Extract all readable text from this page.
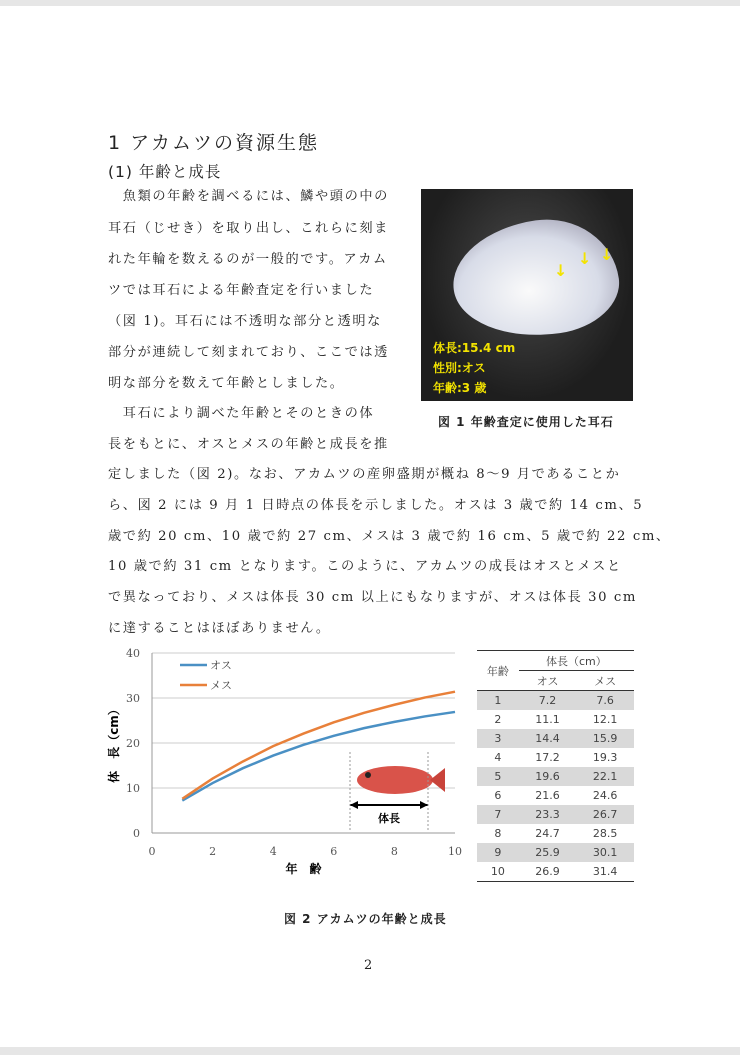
1 アカムツの資源生態
(1) 年齢と成長
　魚類の年齢を調べるには、鱗や頭の中の
耳石（じせき）を取り出し、これらに刻ま
れた年輪を数えるのが一般的です。アカム
ツでは耳石による年齢査定を行いました
（図 1)。耳石には不透明な部分と透明な
部分が連続して刻まれており、ここでは透
明な部分を数えて年齢としました。
　耳石により調べた年齢とそのときの体
長をもとに、オスとメスの年齢と成長を推
定しました（図 2)。なお、アカムツの産卵盛期が概ね 8〜9 月であることか
ら、図 2 には 9 月 1 日時点の体長を示しました。オスは 3 歳で約 14 cm、5
歳で約 20 cm、10 歳で約 27 cm、メスは 3 歳で約 16 cm、5 歳で約 22 cm、
10 歳で約 31 cm となります。このように、アカムツの成長はオスとメスと
で異なっており、メスは体長 30 cm 以上にもなりますが、オスは体長 30 cm
に達することはほぼありません。
↓
↓ ↓
体長:15.4 cm
性別:オス
年齢:3 歳
図 1 年齢査定に使用した耳石
0
10
20
30
40
0	2	4	6	8	10
年　齢
体　長（cm）
体長
オス
メス
年齢	体長（cm）	
	オス	メス
1	7.2	7.6
2	11.1	12.1
3	14.4	15.9
4	17.2	19.3
5	19.6	22.1
6	21.6	24.6
7	23.3	26.7
8	24.7	28.5
9	25.9	30.1
10	26.9	31.4
図 2 アカムツの年齢と成長
2
